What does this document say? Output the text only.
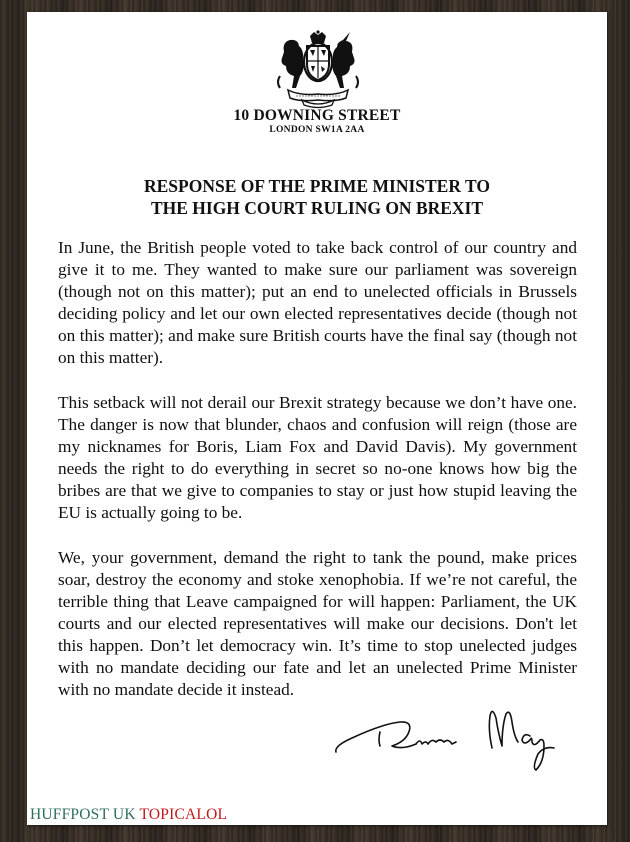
10 DOWNING STREET
LONDON SW1A 2AA
RESPONSE OF THE PRIME MINISTER TO
THE HIGH COURT RULING ON BREXIT

In June, the British people voted to take back control of our country and give it to me. They wanted to make sure our parliament was sovereign (though not on this matter); put an end to unelected officials in Brussels deciding policy and let our own elected representatives decide (though not on this matter); and make sure British courts have the final say (though not on this matter).

This setback will not derail our Brexit strategy because we don’t have one. The danger is now that blunder, chaos and confusion will reign (those are my nicknames for Boris, Liam Fox and David Davis). My government needs the right to do everything in secret so no-one knows how big the bribes are that we give to companies to stay or just how stupid leaving the EU is actually going to be.

We, your government, demand the right to tank the pound, make prices soar, destroy the economy and stoke xenophobia. If we’re not careful, the terrible thing that Leave campaigned for will happen: Parliament, the UK courts and our elected representatives will make our decisions. Don't let this happen. Don’t let democracy win. It’s time to stop unelected judges with no mandate deciding our fate and let an unelected Prime Minister with no mandate decide it instead.

HUFFPOST UK TOPICALOL
